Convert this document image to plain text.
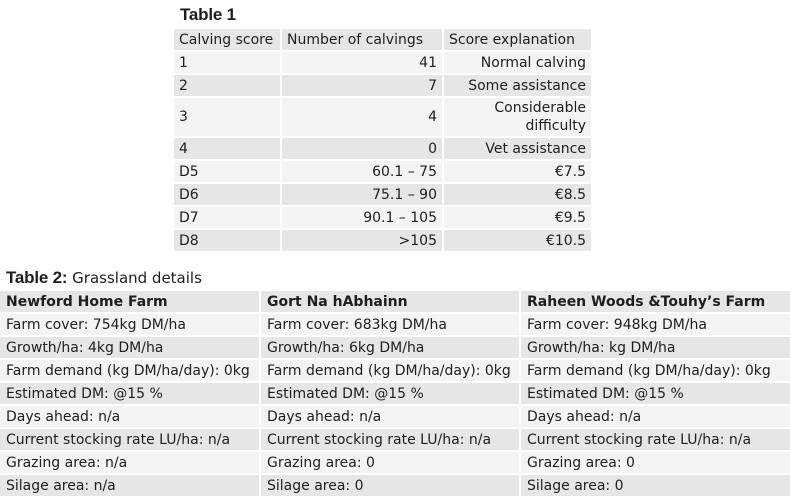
Table 1
Calving score	Number of calvings	Score explanation
1	41	Normal calving
2	7	Some assistance
3	4	Considerable difficulty
4	0	Vet assistance
D5	60.1 – 75	€7.5
D6	75.1 – 90	€8.5
D7	90.1 – 105	€9.5
D8	>105	€10.5
Table 2: Grassland details
Newford Home Farm	Gort Na hAbhainn	Raheen Woods &Touhy’s Farm
Farm cover: 754kg DM/ha	Farm cover: 683kg DM/ha	Farm cover: 948kg DM/ha
Growth/ha: 4kg DM/ha	Growth/ha: 6kg DM/ha	Growth/ha: kg DM/ha
Farm demand (kg DM/ha/day): 0kg	Farm demand (kg DM/ha/day): 0kg	Farm demand (kg DM/ha/day): 0kg
Estimated DM: @15 %	Estimated DM: @15 %	Estimated DM: @15 %
Days ahead: n/a	Days ahead: n/a	Days ahead: n/a
Current stocking rate LU/ha: n/a	Current stocking rate LU/ha: n/a	Current stocking rate LU/ha: n/a
Grazing area: n/a	Grazing area: 0	Grazing area: 0
Silage area: n/a	Silage area: 0	Silage area: 0
